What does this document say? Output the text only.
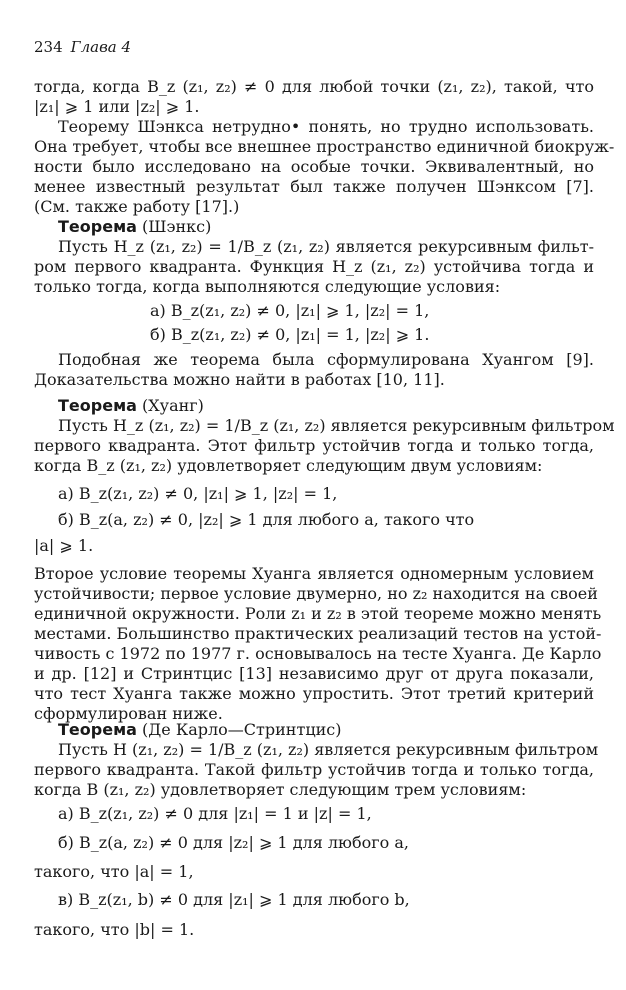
234 Глава 4
тогда, когда B_z (z₁, z₂) ≠ 0 для любой точки (z₁, z₂), такой, что
|z₁| ⩾ 1 или |z₂| ⩾ 1.
Теорему Шэнкса нетрудно• понять, но трудно использовать.
Она требует, чтобы все внешнее пространство единичной биокруж-
ности было исследовано на особые точки. Эквивалентный, но
менее известный результат был также получен Шэнксом [7].
(См. также работу [17].)
Теорема (Шэнкс)
Пусть H_z (z₁, z₂) = 1/B_z (z₁, z₂) является рекурсивным фильт-
ром первого квадранта. Функция H_z (z₁, z₂) устойчива тогда и
только тогда, когда выполняются следующие условия:
а) B_z(z₁, z₂) ≠ 0, |z₁| ⩾ 1, |z₂| = 1,
б) B_z(z₁, z₂) ≠ 0, |z₁| = 1, |z₂| ⩾ 1.
Подобная же теорема была сформулирована Хуангом [9].
Доказательства можно найти в работах [10, 11].
Теорема (Хуанг)
Пусть H_z (z₁, z₂) = 1/B_z (z₁, z₂) является рекурсивным фильтром
первого квадранта. Этот фильтр устойчив тогда и только тогда,
когда B_z (z₁, z₂) удовлетворяет следующим двум условиям:
а) B_z(z₁, z₂) ≠ 0, |z₁| ⩾ 1, |z₂| = 1,
б) B_z(a, z₂) ≠ 0, |z₂| ⩾ 1 для любого a, такого что
|a| ⩾ 1.
Второе условие теоремы Хуанга является одномерным условием
устойчивости; первое условие двумерно, но z₂ находится на своей
единичной окружности. Роли z₁ и z₂ в этой теореме можно менять
местами. Большинство практических реализаций тестов на устой-
чивость с 1972 по 1977 г. основывалось на тесте Хуанга. Де Карло
и др. [12] и Стринтцис [13] независимо друг от друга показали,
что тест Хуанга также можно упростить. Этот третий критерий
сформулирован ниже.
Теорема (Де Карло—Стринтцис)
Пусть H (z₁, z₂) = 1/B_z (z₁, z₂) является рекурсивным фильтром
первого квадранта. Такой фильтр устойчив тогда и только тогда,
когда B (z₁, z₂) удовлетворяет следующим трем условиям:
а) B_z(z₁, z₂) ≠ 0 для |z₁| = 1 и |z| = 1,
б) B_z(a, z₂) ≠ 0 для |z₂| ⩾ 1 для любого a,
такого, что |a| = 1,
в) B_z(z₁, b) ≠ 0 для |z₁| ⩾ 1 для любого b,
такого, что |b| = 1.
